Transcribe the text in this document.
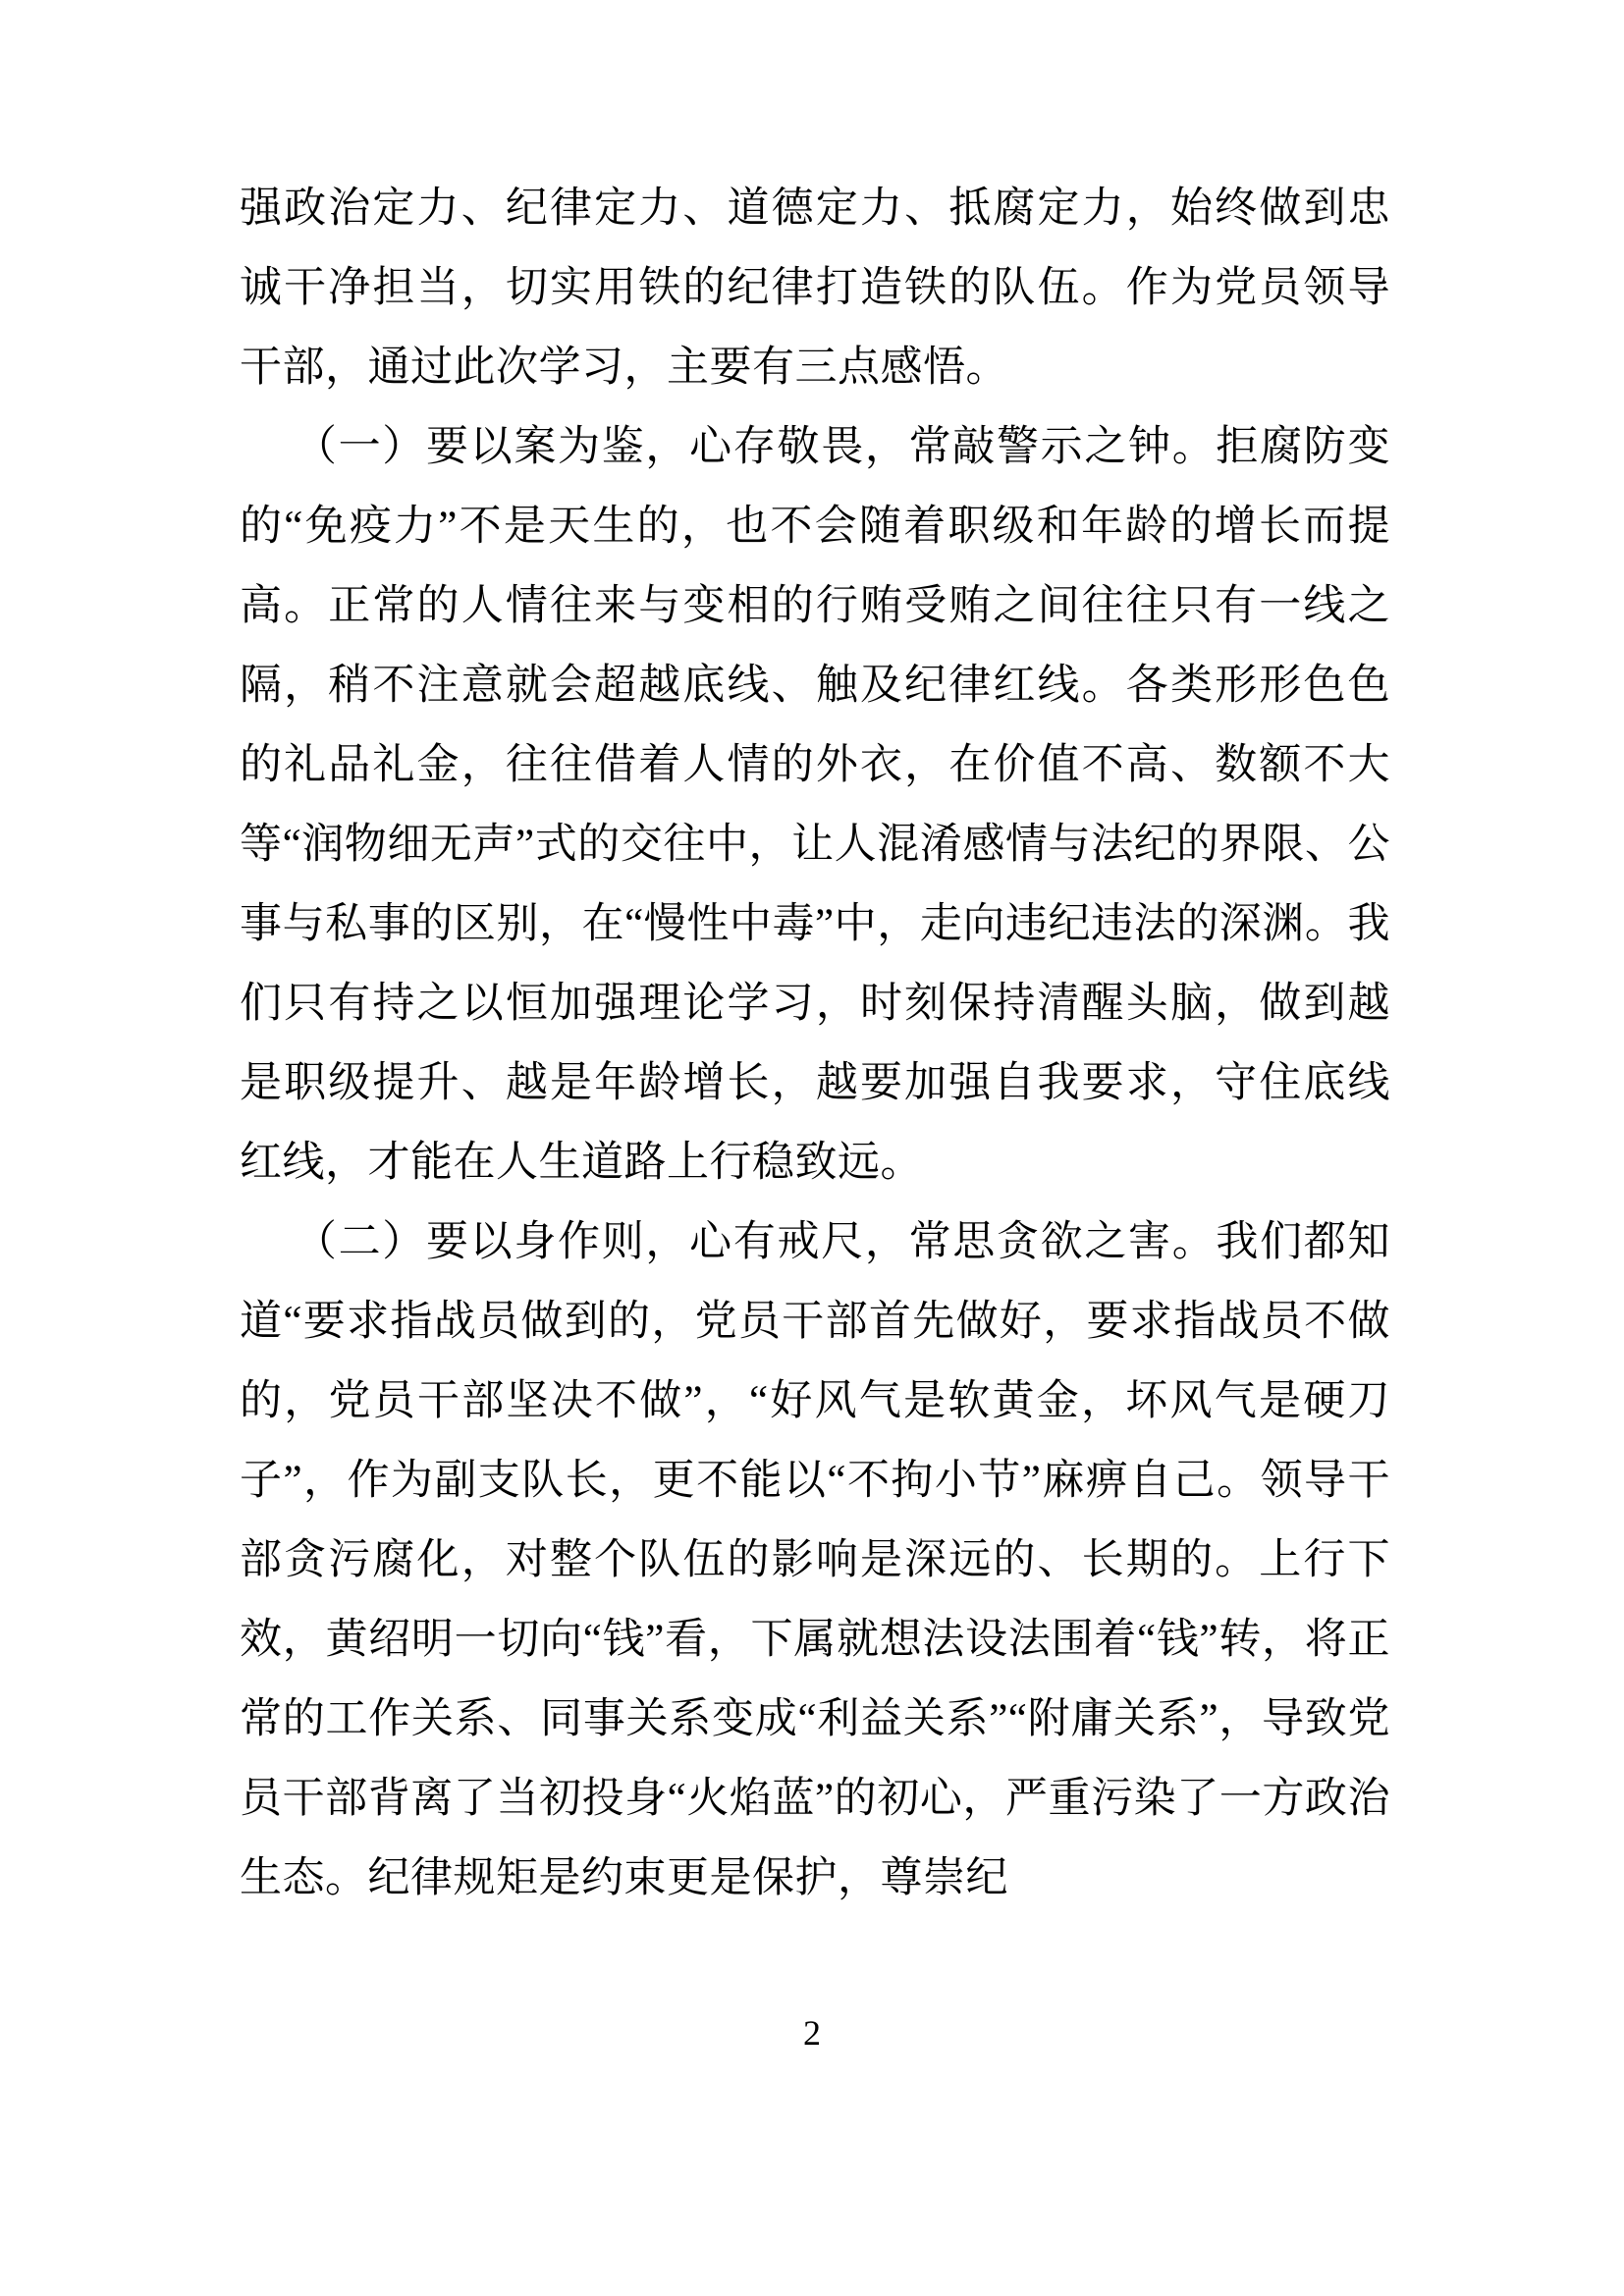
强政治定力、纪律定力、道德定力、抵腐定力，始终做到忠诚干净担当，切实用铁的纪律打造铁的队伍。作为党员领导干部，通过此次学习，主要有三点感悟。

（一）要以案为鉴，心存敬畏，常敲警示之钟。拒腐防变的“免疫力”不是天生的，也不会随着职级和年龄的增长而提高。正常的人情往来与变相的行贿受贿之间往往只有一线之隔，稍不注意就会超越底线、触及纪律红线。各类形形色色的礼品礼金，往往借着人情的外衣，在价值不高、数额不大等“润物细无声”式的交往中，让人混淆感情与法纪的界限、公事与私事的区别，在“慢性中毒”中，走向违纪违法的深渊。我们只有持之以恒加强理论学习，时刻保持清醒头脑，做到越是职级提升、越是年龄增长，越要加强自我要求，守住底线红线，才能在人生道路上行稳致远。

（二）要以身作则，心有戒尺，常思贪欲之害。我们都知道“要求指战员做到的，党员干部首先做好，要求指战员不做的，党员干部坚决不做”，“好风气是软黄金，坏风气是硬刀子”，作为副支队长，更不能以“不拘小节”麻痹自己。领导干部贪污腐化，对整个队伍的影响是深远的、长期的。上行下效，黄绍明一切向“钱”看，下属就想法设法围着“钱”转，将正常的工作关系、同事关系变成“利益关系”“附庸关系”，导致党员干部背离了当初投身“火焰蓝”的初心，严重污染了一方政治生态。纪律规矩是约束更是保护，尊崇纪

2
